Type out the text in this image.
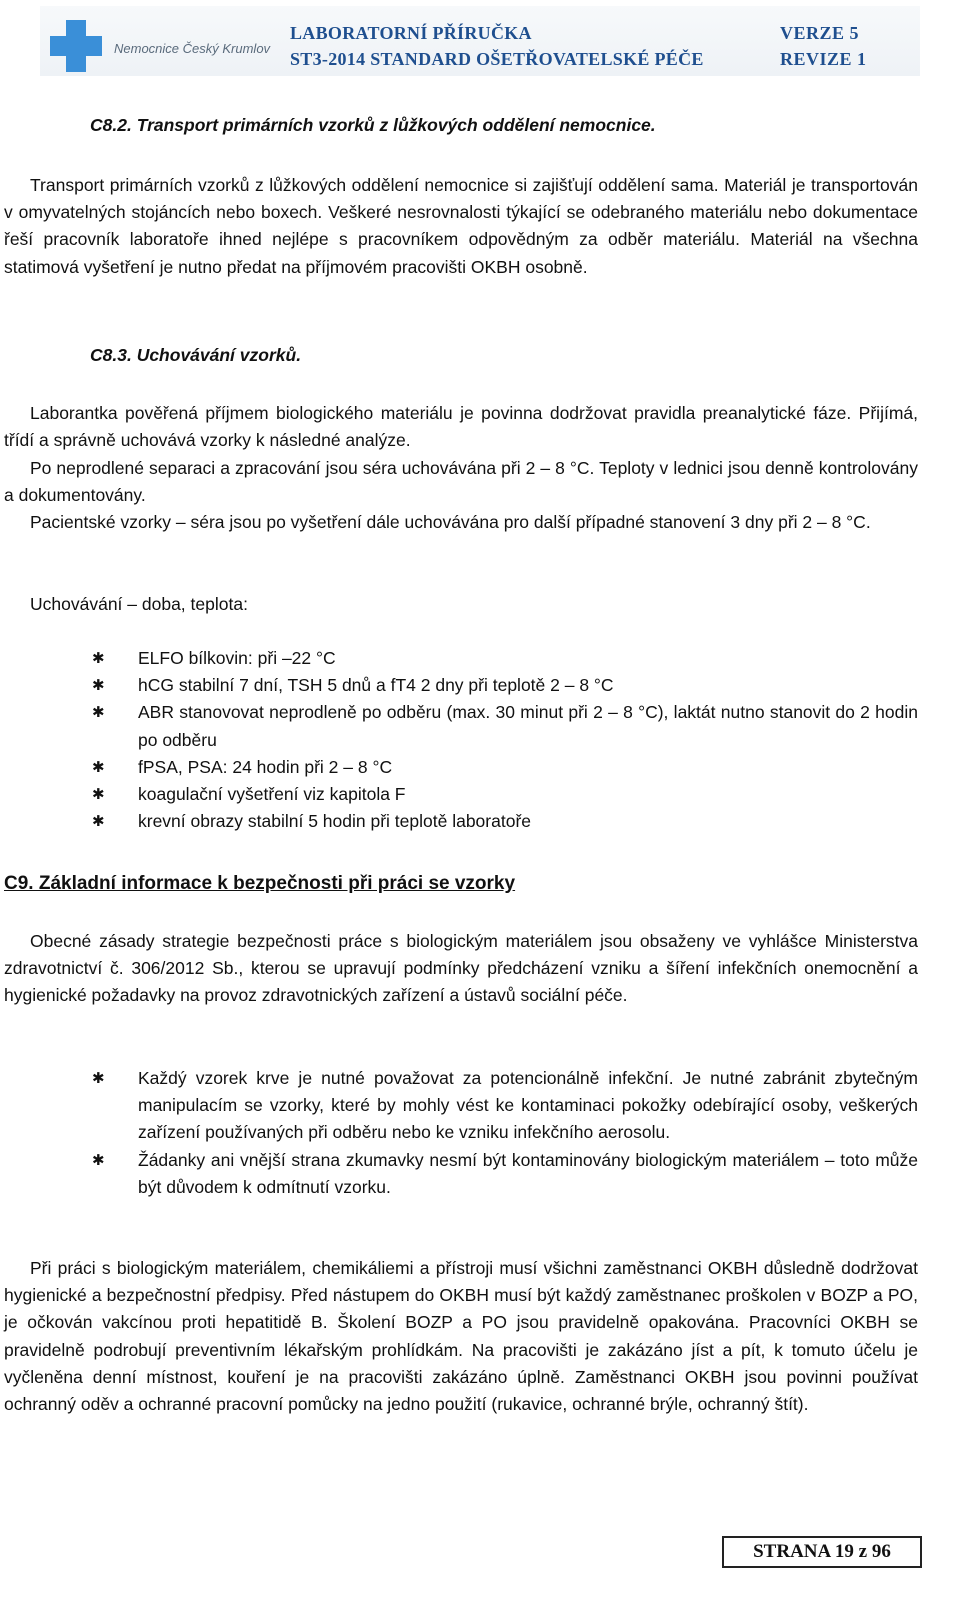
Nemocnice Český Krumlov
LABORATORNÍ PŘÍRUČKA
ST3-2014 STANDARD OŠETŘOVATELSKÉ PÉČE
VERZE 5
REVIZE 1
C8.2. Transport primárních vzorků z lůžkových oddělení nemocnice.
Transport primárních vzorků z lůžkových oddělení nemocnice si zajišťují oddělení sama. Materiál je transportován v omyvatelných stojáncích nebo boxech. Veškeré nesrovnalosti týkající se odebraného materiálu nebo dokumentace řeší pracovník laboratoře ihned nejlépe s pracovníkem odpovědným za odběr materiálu. Materiál na všechna statimová vyšetření je nutno předat na příjmovém pracovišti OKBH osobně.
C8.3. Uchovávání vzorků.
Laborantka pověřená příjmem biologického materiálu je povinna dodržovat pravidla preanalytické fáze. Přijímá, třídí a správně uchovává vzorky k následné analýze.
Po neprodlené separaci a zpracování jsou séra uchovávána při 2 – 8 °C. Teploty v lednici jsou denně kontrolovány a dokumentovány.
Pacientské vzorky – séra jsou po vyšetření dále uchovávána pro další případné stanovení 3 dny při 2 – 8 °C.
Uchovávání – doba, teplota:
✱ ELFO bílkovin: při –22 °C
✱ hCG stabilní 7 dní, TSH 5 dnů a fT4 2 dny při teplotě 2 – 8 °C
✱ ABR stanovovat neprodleně po odběru (max. 30 minut při 2 – 8 °C), laktát nutno stanovit do 2 hodin po odběru
✱ fPSA, PSA: 24 hodin při 2 – 8 °C
✱ koagulační vyšetření viz kapitola F
✱ krevní obrazy stabilní 5 hodin při teplotě laboratoře
C9. Základní informace k bezpečnosti při práci se vzorky
Obecné zásady strategie bezpečnosti práce s biologickým materiálem jsou obsaženy ve vyhlášce Ministerstva zdravotnictví č. 306/2012 Sb., kterou se upravují podmínky předcházení vzniku a šíření infekčních onemocnění a hygienické požadavky na provoz zdravotnických zařízení a ústavů sociální péče.
✱ Každý vzorek krve je nutné považovat za potencionálně infekční. Je nutné zabránit zbytečným manipulacím se vzorky, které by mohly vést ke kontaminaci pokožky odebírající osoby, veškerých zařízení používaných při odběru nebo ke vzniku infekčního aerosolu.
✱ Žádanky ani vnější strana zkumavky nesmí být kontaminovány biologickým materiálem – toto může být důvodem k odmítnutí vzorku.
Při práci s biologickým materiálem, chemikáliemi a přístroji musí všichni zaměstnanci OKBH důsledně dodržovat hygienické a bezpečnostní předpisy. Před nástupem do OKBH musí být každý zaměstnanec proškolen v BOZP a PO, je očkován vakcínou proti hepatitidě B. Školení BOZP a PO jsou pravidelně opakována. Pracovníci OKBH se pravidelně podrobují preventivním lékařským prohlídkám. Na pracovišti je zakázáno jíst a pít, k tomuto účelu je vyčleněna denní místnost, kouření je na pracovišti zakázáno úplně. Zaměstnanci OKBH jsou povinni používat ochranný oděv a ochranné pracovní pomůcky na jedno použití (rukavice, ochranné brýle, ochranný štít).
STRANA 19 z 96
